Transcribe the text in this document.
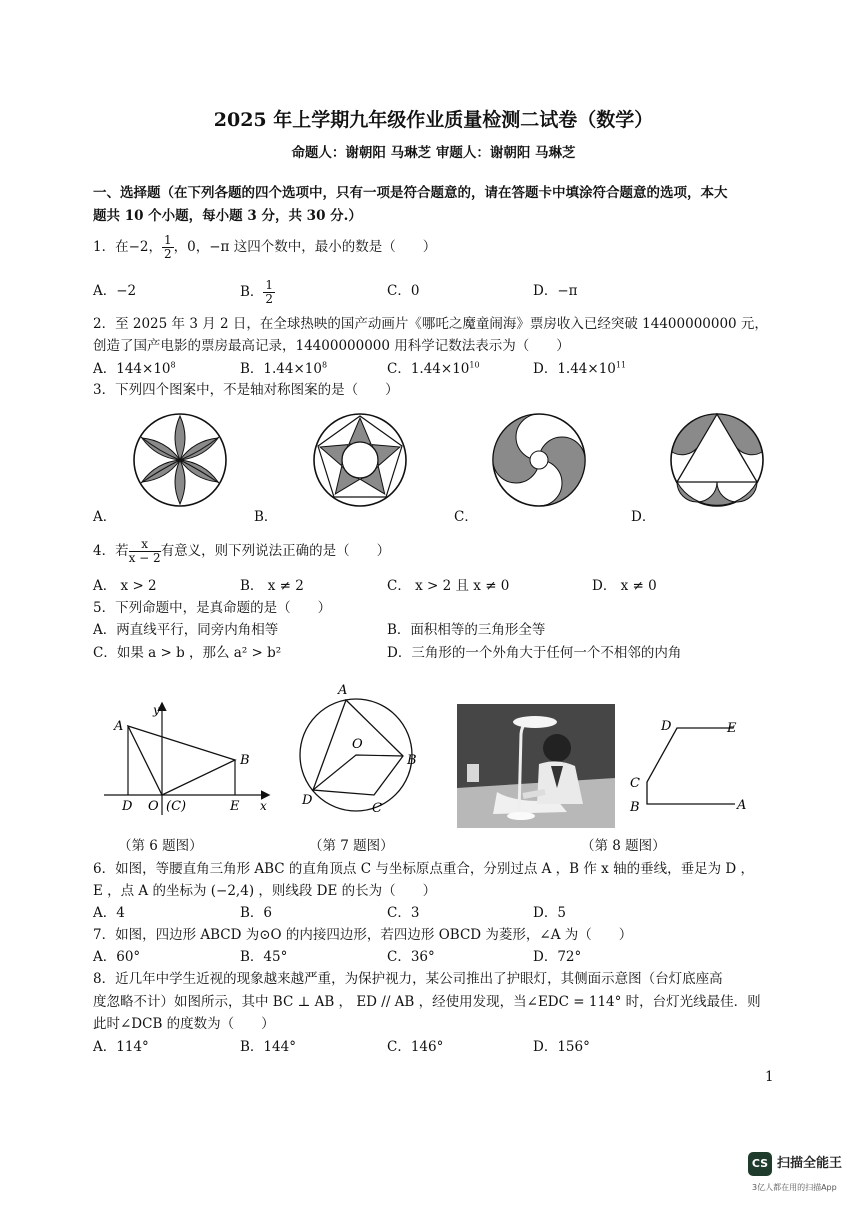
2025 年上学期九年级作业质量检测二试卷（数学）
命题人：谢朝阳 马琳芝 审题人：谢朝阳 马琳芝
一、选择题（在下列各题的四个选项中，只有一项是符合题意的，请在答题卡中填涂符合题意的选项，本大
题共 10 个小题，每小题 3 分，共 30 分.）
1．在−2， $\frac{1}{2}$ ，0，−π 这四个数中，最小的数是（　　）
A．−2	B． $\frac{1}{2}$	C．0	D．−π
2．至 2025 年 3 月 2 日，在全球热映的国产动画片《哪吒之魔童闹海》票房收入已经突破 14400000000 元，
创造了国产电影的票房最高记录，14400000000 用科学记数法表示为（　　）
A．$144\times 10^8$	B．$1.44\times 10^8$	C．$1.44\times 10^{10}$	D．$1.44\times 10^{11}$
3．下列四个图案中，不是轴对称图案的是（　　）
A．	B．	C．	D．
4．若 $\frac{x}{x - 2}$ 有意义，则下列说法正确的是（　　）
A． x > 2	B． x ≠ 2	C． x > 2 且 x ≠ 0	D． x ≠ 0
5．下列命题中，是真命题的是（　　）
A．两直线平行，同旁内角相等	B．面积相等的三角形全等
C．如果 a > b ，那么 a² > b²	D．三角形的一个外角大于任何一个不相邻的内角
A
B
D O (C)	E x
y
（第 6 题图）
A
B
C
D
O
（第 7 题图）
D	E
C
B	A
（第 8 题图）
6．如图，等腰直角三角形 ABC 的直角顶点 C 与坐标原点重合，分别过点 A ，B 作 x 轴的垂线，垂足为 D ，
E ，点 A 的坐标为 (−2,4) ，则线段 DE 的长为（　　）
A．4	B．6	C．3	D．5
7．如图，四边形 ABCD 为⊙O 的内接四边形，若四边形 OBCD 为菱形，∠A 为（　　）
A．60°	B．45°	C．36°	D．72°
8．近几年中学生近视的现象越来越严重，为保护视力，某公司推出了护眼灯，其侧面示意图（台灯底座高
度忽略不计）如图所示，其中 BC ⊥ AB ， ED // AB ，经使用发现，当∠EDC = 114° 时，台灯光线最佳．则
此时∠DCB 的度数为（　　）
A．114°	B．144°	C．146°	D．156°
1
CS 扫描全能王
3亿人都在用的扫描App
